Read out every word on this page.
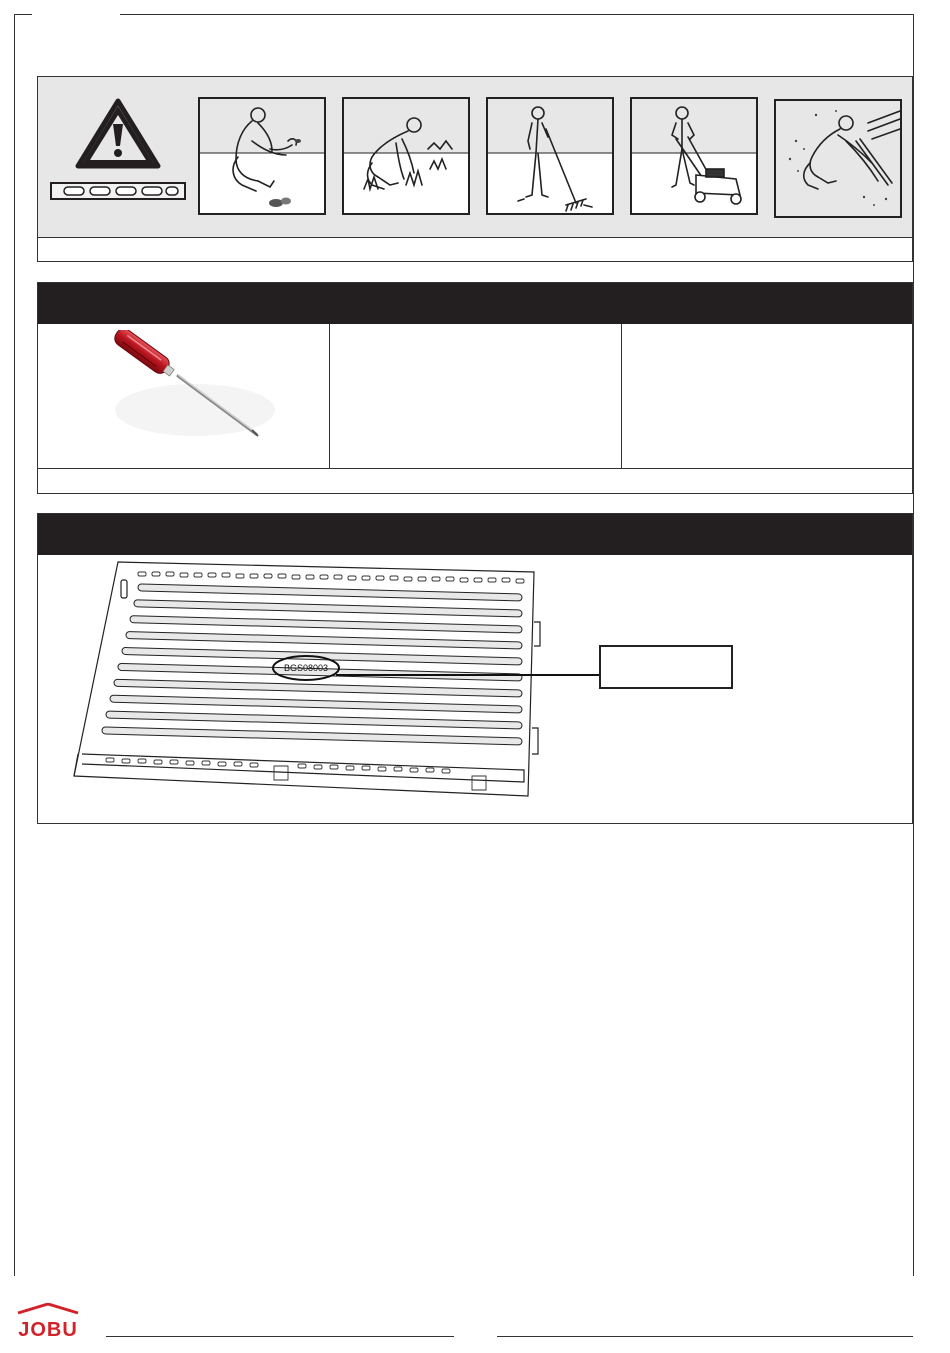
BGS08003
JOBU
